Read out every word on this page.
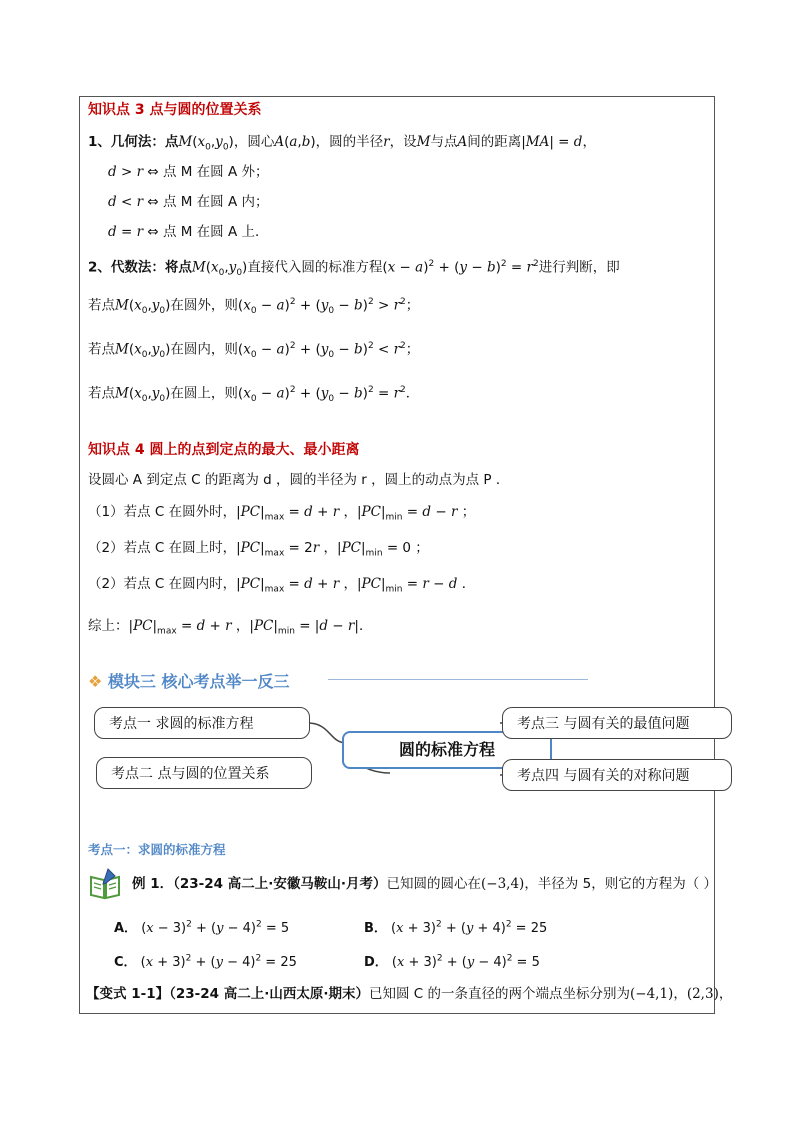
知识点 3 点与圆的位置关系
1、几何法：点$M(x_0,y_0)$，圆心A(a,b)，圆的半径r，设M与点A间的距离|MA| = d，
d > r ⇔ 点 M 在圆 A 外；
d < r ⇔ 点 M 在圆 A 内；
d = r ⇔ 点 M 在圆 A 上．
2、代数法：将点$M(x_0,y_0)$直接代入圆的标准方程$(x - a)^2 + (y - b)^2 = r^2$进行判断，即
若点$M(x_0,y_0)$在圆外，则$(x_0 - a)^2 + (y_0 - b)^2 > r^2$；
若点$M(x_0,y_0)$在圆内，则$(x_0 - a)^2 + (y_0 - b)^2 < r^2$；
若点$M(x_0,y_0)$在圆上，则$(x_0 - a)^2 + (y_0 - b)^2 = r^2$．
知识点 4 圆上的点到定点的最大、最小距离
设圆心 A 到定点 C 的距离为 d ，圆的半径为 r ，圆上的动点为点 P ．
（1）若点 C 在圆外时，$|PC|_{max} = d + r$ ，$|PC|_{min} = d - r$ ；
（2）若点 C 在圆上时，$|PC|_{max} = 2r$ ，$|PC|_{min} = 0$ ；
（2）若点 C 在圆内时，$|PC|_{max} = d + r$ ，$|PC|_{min} = r - d$ ．
综上：$|PC|_{max} = d + r$ ，$|PC|_{min} = |d - r|$．
❖ 模块三 核心考点举一反三
考点一 求圆的标准方程
考点二 点与圆的位置关系
圆的标准方程
考点三 与圆有关的最值问题
考点四 与圆有关的对称问题
考点一：求圆的标准方程
例 1．（23-24 高二上·安徽马鞍山·月考）已知圆的圆心在(−3,4)，半径为 5，则它的方程为（ ）
A． $(x - 3)^2 + (y - 4)^2 = 5$	B． $(x + 3)^2 + (y + 4)^2 = 25$
C． $(x + 3)^2 + (y - 4)^2 = 25$	D． $(x + 3)^2 + (y - 4)^2 = 5$
【变式 1-1】（23-24 高二上·山西太原·期末）已知圆 C 的一条直径的两个端点坐标分别为(−4,1)，(2,3)，
